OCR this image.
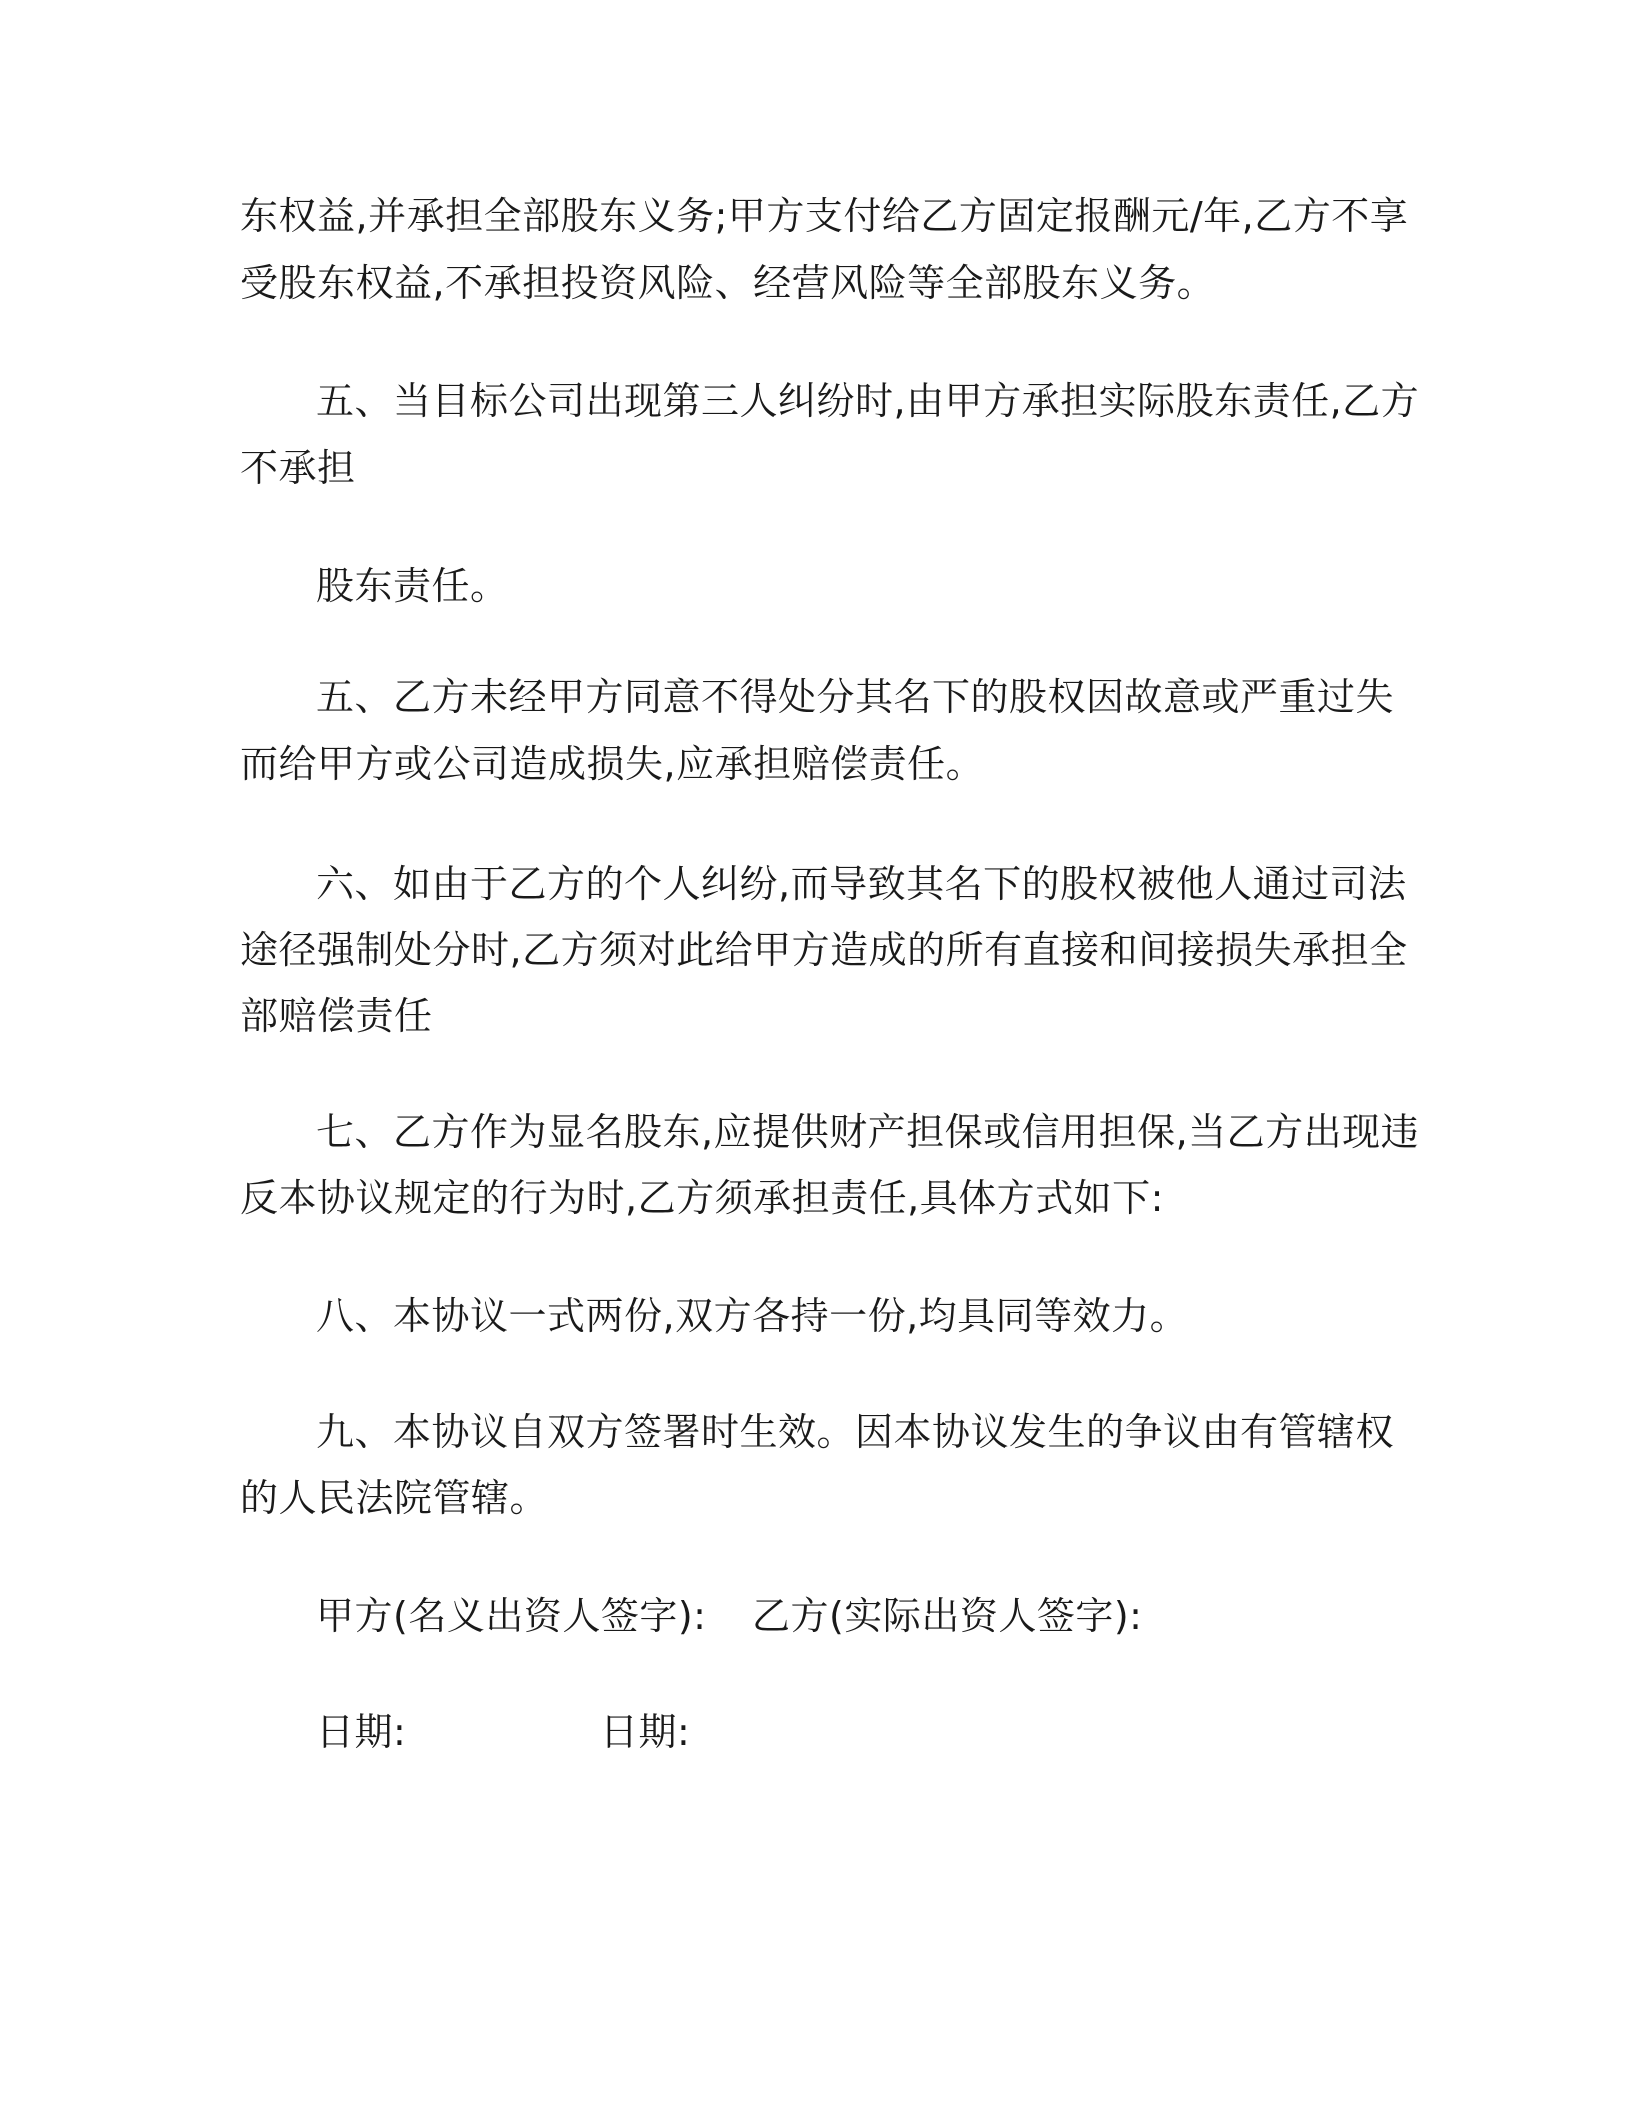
东权益,并承担全部股东义务;甲方支付给乙方固定报酬元/年,乙方不享
受股东权益,不承担投资风险、经营风险等全部股东义务。
五、当目标公司出现第三人纠纷时,由甲方承担实际股东责任,乙方
不承担
股东责任。
五、乙方未经甲方同意不得处分其名下的股权因故意或严重过失
而给甲方或公司造成损失,应承担赔偿责任。
六、如由于乙方的个人纠纷,而导致其名下的股权被他人通过司法
途径强制处分时,乙方须对此给甲方造成的所有直接和间接损失承担全
部赔偿责任
七、乙方作为显名股东,应提供财产担保或信用担保,当乙方出现违
反本协议规定的行为时,乙方须承担责任,具体方式如下:
八、本协议一式两份,双方各持一份,均具同等效力。
九、本协议自双方签署时生效。因本协议发生的争议由有管辖权
的人民法院管辖。
甲方(名义出资人签字): 乙方(实际出资人签字):
日期:	日期:
